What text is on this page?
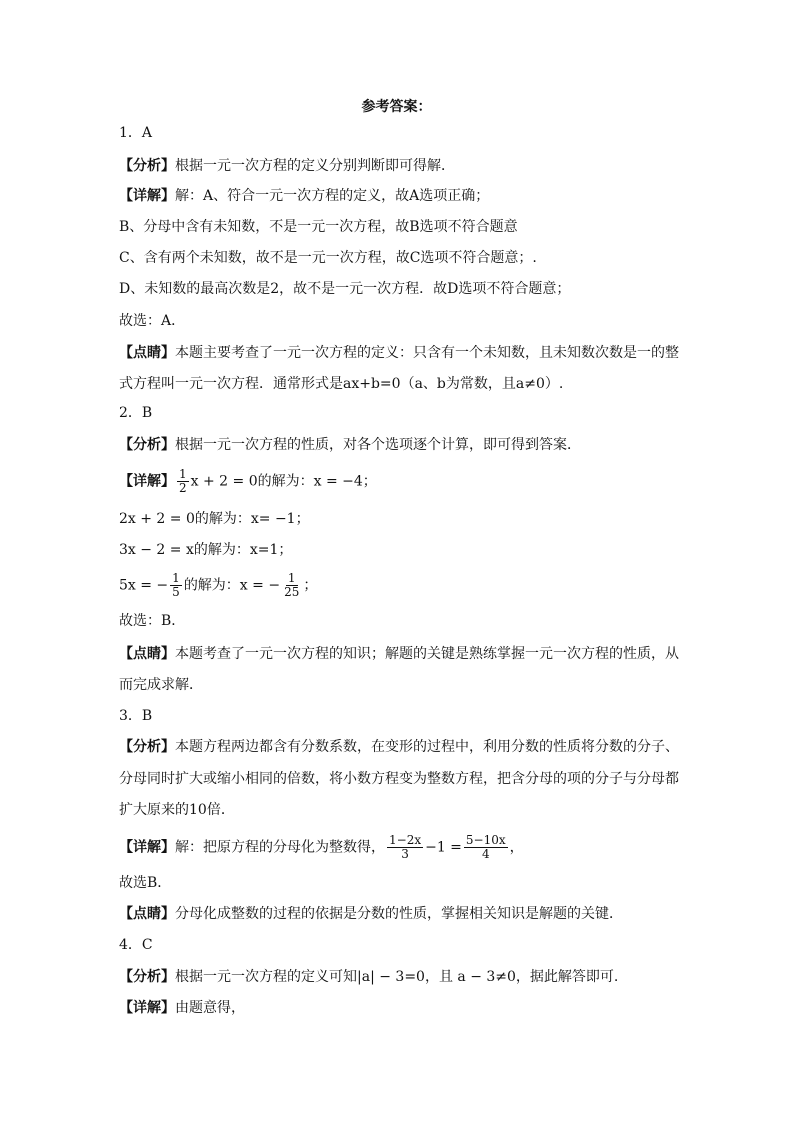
参考答案：
1．A
【分析】根据一元一次方程的定义分别判断即可得解．
【详解】解：A、符合一元一次方程的定义，故A选项正确；
B、分母中含有未知数，不是一元一次方程，故B选项不符合题意
C、含有两个未知数，故不是一元一次方程，故C选项不符合题意；.
D、未知数的最高次数是2，故不是一元一次方程．故D选项不符合题意；
故选：A．
【点睛】本题主要考查了一元一次方程的定义：只含有一个未知数，且未知数次数是一的整
式方程叫一元一次方程．通常形式是ax+b=0（a、b为常数，且a≠0）.
2．B
【分析】根据一元一次方程的性质，对各个选项逐个计算，即可得到答案．
【详解】 $\frac{1}{2}$ x + 2 = 0的解为：x = −4；
2x + 2 = 0的解为：x= −1；
3x − 2 = x的解为：x=1；
5x = − $\frac{1}{5}$ 的解为：x = − $\frac{1}{25}$ ；
故选：B．
【点睛】本题考查了一元一次方程的知识；解题的关键是熟练掌握一元一次方程的性质，从
而完成求解．
3．B
【分析】本题方程两边都含有分数系数，在变形的过程中，利用分数的性质将分数的分子、
分母同时扩大或缩小相同的倍数，将小数方程变为整数方程，把含分母的项的分子与分母都
扩大原来的10倍．
【详解】解：把原方程的分母化为整数得， $\frac{1-2x}{3} -1 = \frac{5-10x}{4}$ ，
故选B．
【点睛】分母化成整数的过程的依据是分数的性质，掌握相关知识是解题的关键．
4．C
【分析】根据一元一次方程的定义可知|a| − 3=0，且 a − 3≠0，据此解答即可.
【详解】由题意得，
